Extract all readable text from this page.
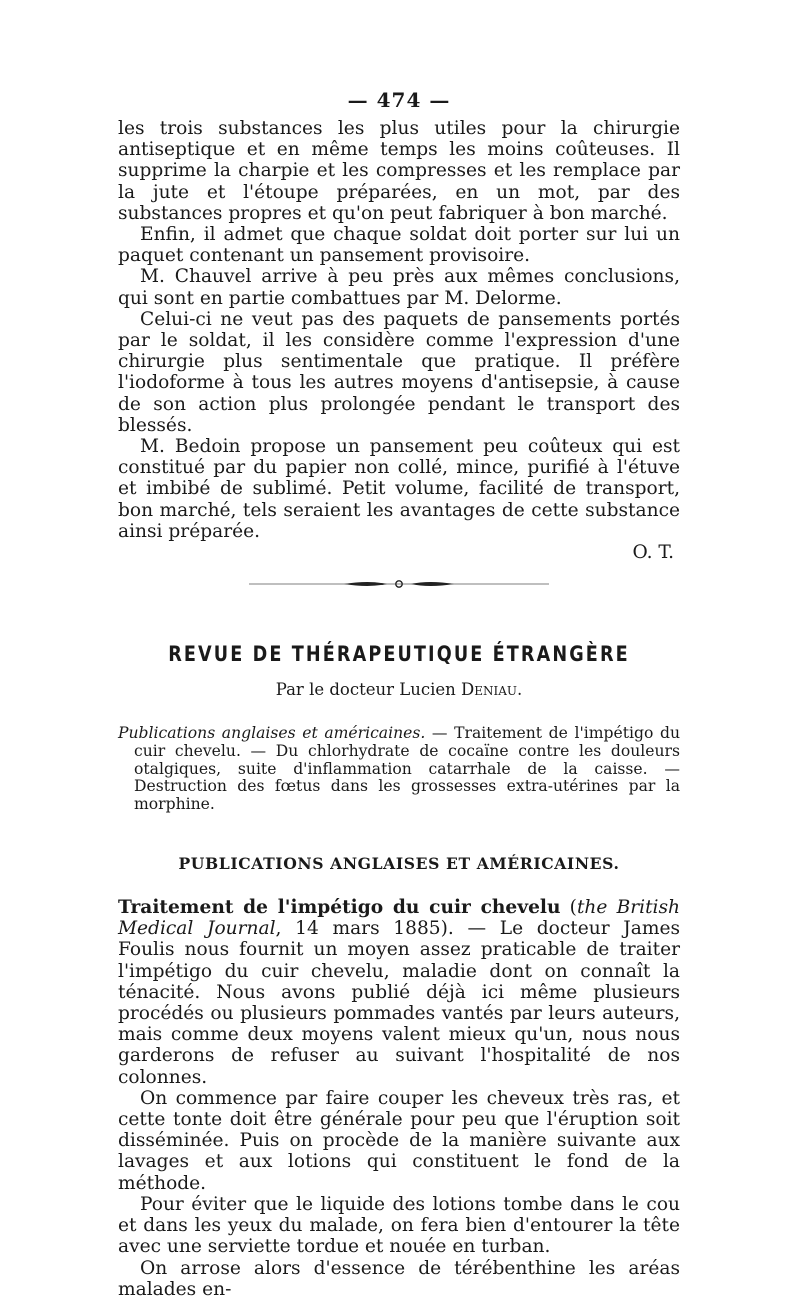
— 474 —

les trois substances les plus utiles pour la chirurgie antiseptique et en même temps les moins coûteuses. Il supprime la charpie et les compresses et les remplace par la jute et l'étoupe préparées, en un mot, par des substances propres et qu'on peut fabriquer à bon marché.

Enfin, il admet que chaque soldat doit porter sur lui un paquet contenant un pansement provisoire.

M. Chauvel arrive à peu près aux mêmes conclusions, qui sont en partie combattues par M. Delorme.

Celui-ci ne veut pas des paquets de pansements portés par le soldat, il les considère comme l'expression d'une chirurgie plus sentimentale que pratique. Il préfère l'iodoforme à tous les autres moyens d'antisepsie, à cause de son action plus prolongée pendant le transport des blessés.

M. Bedoin propose un pansement peu coûteux qui est constitué par du papier non collé, mince, purifié à l'étuve et imbibé de sublimé. Petit volume, facilité de transport, bon marché, tels seraient les avantages de cette substance ainsi préparée.

O. T.

REVUE DE THÉRAPEUTIQUE ÉTRANGÈRE
Par le docteur Lucien Deniau.
Publications anglaises et américaines. — Traitement de l'impétigo du cuir chevelu. — Du chlorhydrate de cocaïne contre les douleurs otalgiques, suite d'inflammation catarrhale de la caisse. — Destruction des fœtus dans les grossesses extra-utérines par la morphine.
PUBLICATIONS ANGLAISES ET AMÉRICAINES.

Traitement de l'impétigo du cuir chevelu (the British Medical Journal, 14 mars 1885). — Le docteur James Foulis nous fournit un moyen assez praticable de traiter l'impétigo du cuir chevelu, maladie dont on connaît la ténacité. Nous avons publié déjà ici même plusieurs procédés ou plusieurs pommades vantés par leurs auteurs, mais comme deux moyens valent mieux qu'un, nous nous garderons de refuser au suivant l'hospitalité de nos colonnes.

On commence par faire couper les cheveux très ras, et cette tonte doit être générale pour peu que l'éruption soit disséminée. Puis on procède de la manière suivante aux lavages et aux lotions qui constituent le fond de la méthode.

Pour éviter que le liquide des lotions tombe dans le cou et dans les yeux du malade, on fera bien d'entourer la tête avec une serviette tordue et nouée en turban.

On arrose alors d'essence de térébenthine les aréas malades en-
